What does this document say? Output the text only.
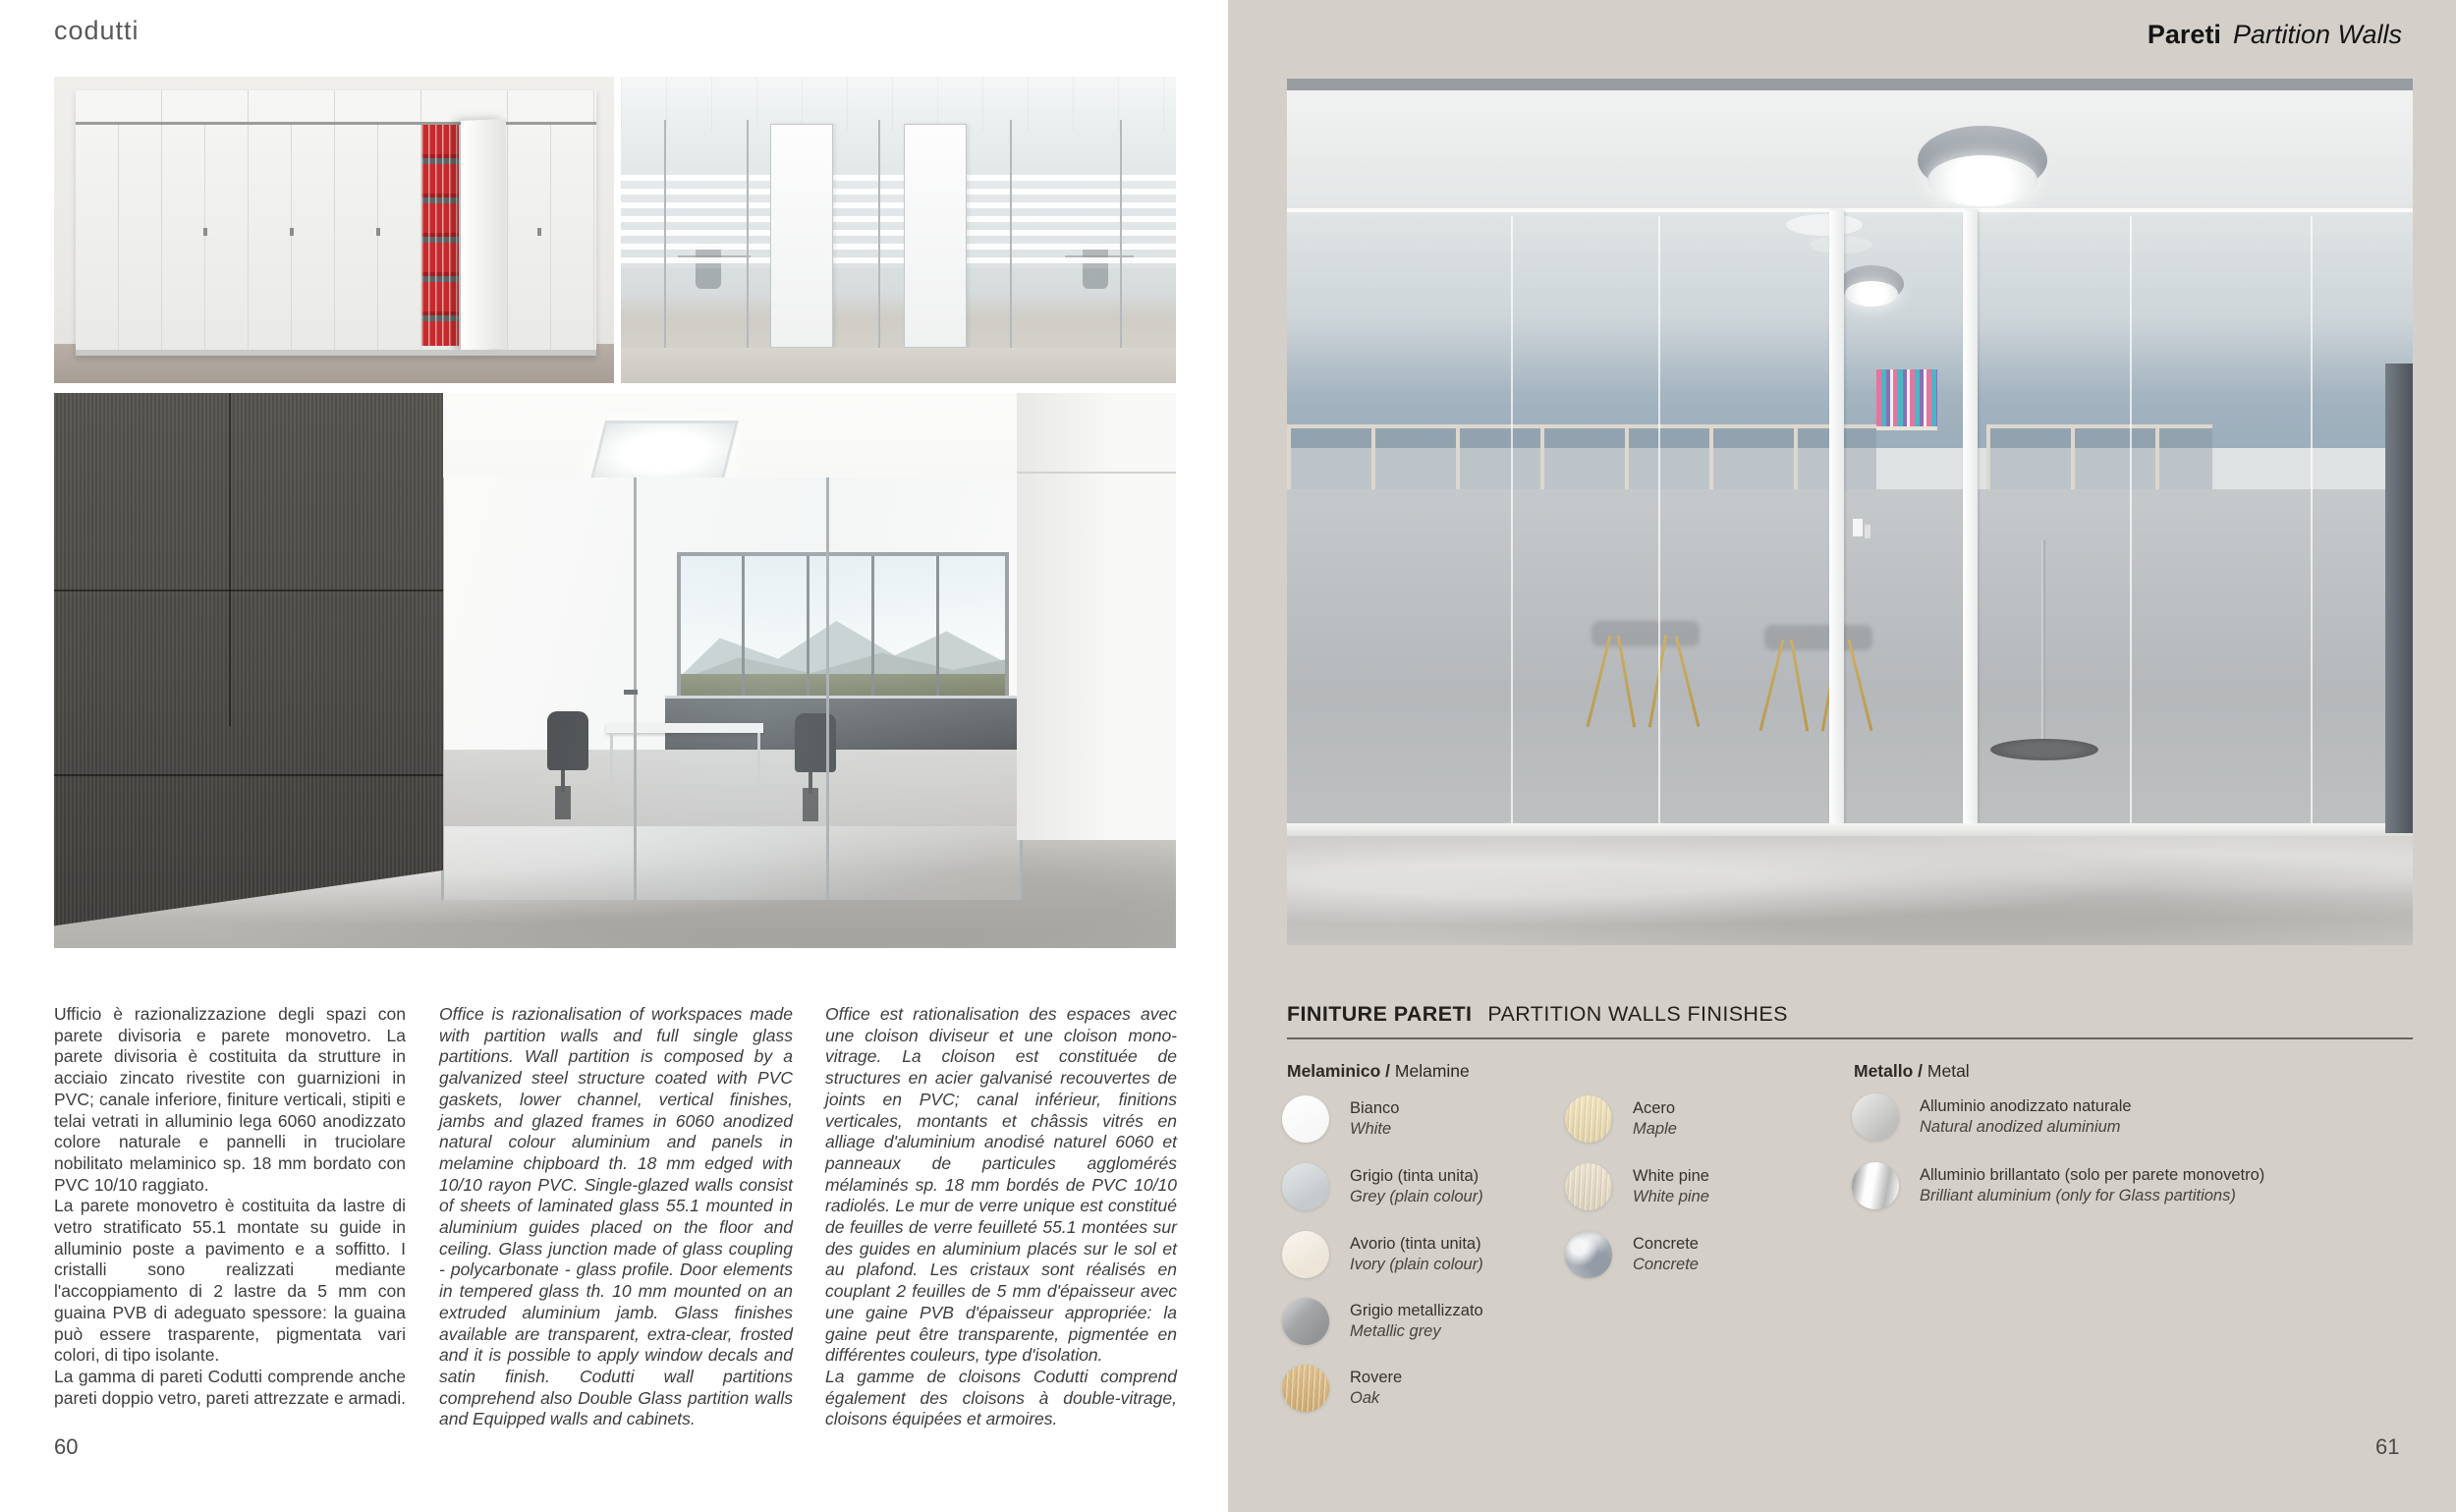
codutti

Ufficio è razionalizzazione degli spazi con parete divisoria e parete monovetro. La parete divisoria è costituita da strutture in acciaio zincato rivestite con guarnizioni in PVC; canale inferiore, finiture verticali, stipiti e telai vetrati in alluminio lega 6060 anodizzato colore naturale e pannelli in truciolare nobilitato melaminico sp. 18 mm bordato con PVC 10/10 raggiato.

La parete monovetro è costituita da lastre di vetro stratificato 55.1 montate su guide in alluminio poste a pavimento e a soffitto. I cristalli sono realizzati mediante l'accoppiamento di 2 lastre da 5 mm con guaina PVB di adeguato spessore: la guaina può essere trasparente, pigmentata vari colori, di tipo isolante.

La gamma di pareti Codutti comprende anche pareti doppio vetro, pareti attrezzate e armadi.

Office is razionalisation of workspaces made with partition walls and full single glass partitions. Wall partition is composed by a galvanized steel structure coated with PVC gaskets, lower channel, vertical finishes, jambs and glazed frames in 6060 anodized natural colour aluminium and panels in melamine chipboard th. 18 mm edged with 10/10 rayon PVC. Single-glazed walls consist of sheets of laminated glass 55.1 mounted in aluminium guides placed on the floor and ceiling. Glass junction made of glass coupling - polycarbonate - glass profile. Door elements in tempered glass th. 10 mm mounted on an extruded aluminium jamb. Glass finishes available are transparent, extra-clear, frosted and it is possible to apply window decals and satin finish. Codutti wall partitions comprehend also Double Glass partition walls and Equipped walls and cabinets.

Office est rationalisation des espaces avec une cloison diviseur et une cloison mono-vitrage. La cloison est constituée de structures en acier galvanisé recouvertes de joints en PVC; canal inférieur, finitions verticales, montants et châssis vitrés en alliage d'aluminium anodisé naturel 6060 et panneaux de particules agglomérés mélaminés sp. 18 mm bordés de PVC 10/10 radiolés. Le mur de verre unique est constitué de feuilles de verre feuilleté 55.1 montées sur des guides en aluminium placés sur le sol et au plafond. Les cristaux sont réalisés en couplant 2 feuilles de 5 mm d'épaisseur avec une gaine PVB d'épaisseur appropriée: la gaine peut être transparente, pigmentée en différentes couleurs, type d'isolation.

La gamme de cloisons Codutti comprend également des cloisons à double-vitrage, cloisons équipées et armoires.

60
Pareti Partition Walls
FINITURE PARETI PARTITION WALLS FINISHES
Melaminico / Melamine	Metallo / Metal
Bianco
White
Grigio (tinta unita)
Grey (plain colour)
Avorio (tinta unita)
Ivory (plain colour)
Grigio metallizzato
Metallic grey
Rovere
Oak
Acero
Maple
White pine
White pine
Concrete
Concrete
Alluminio anodizzato naturale
Natural anodized aluminium
Alluminio brillantato (solo per parete monovetro)
Brilliant aluminium (only for Glass partitions)
61
